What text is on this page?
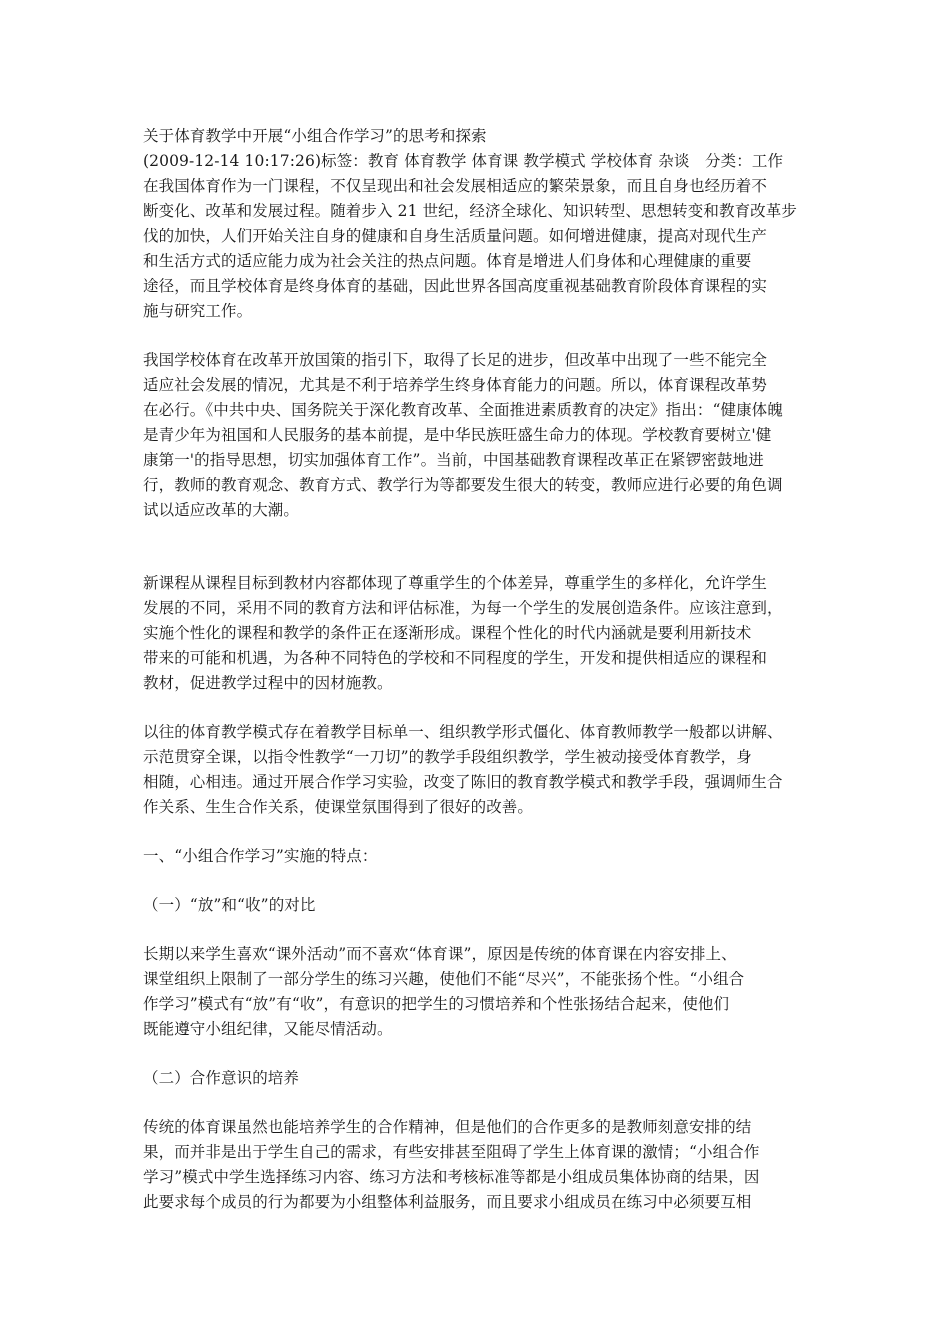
关于体育教学中开展“小组合作学习”的思考和探索
(2009-12-14 10:17:26)标签：教育 体育教学 体育课 教学模式 学校体育 杂谈　分类：工作
在我国体育作为一门课程，不仅呈现出和社会发展相适应的繁荣景象，而且自身也经历着不
断变化、改革和发展过程。随着步入 21 世纪，经济全球化、知识转型、思想转变和教育改革步
伐的加快，人们开始关注自身的健康和自身生活质量问题。如何增进健康，提高对现代生产
和生活方式的适应能力成为社会关注的热点问题。体育是增进人们身体和心理健康的重要
途径，而且学校体育是终身体育的基础，因此世界各国高度重视基础教育阶段体育课程的实
施与研究工作。
我国学校体育在改革开放国策的指引下，取得了长足的进步，但改革中出现了一些不能完全
适应社会发展的情况，尤其是不利于培养学生终身体育能力的问题。所以，体育课程改革势
在必行。《中共中央、国务院关于深化教育改革、全面推进素质教育的决定》指出：“健康体魄
是青少年为祖国和人民服务的基本前提，是中华民族旺盛生命力的体现。学校教育要树立'健
康第一'的指导思想，切实加强体育工作”。当前，中国基础教育课程改革正在紧锣密鼓地进
行，教师的教育观念、教育方式、教学行为等都要发生很大的转变，教师应进行必要的角色调
试以适应改革的大潮。
新课程从课程目标到教材内容都体现了尊重学生的个体差异，尊重学生的多样化，允许学生
发展的不同，采用不同的教育方法和评估标准，为每一个学生的发展创造条件。应该注意到，
实施个性化的课程和教学的条件正在逐渐形成。课程个性化的时代内涵就是要利用新技术
带来的可能和机遇，为各种不同特色的学校和不同程度的学生，开发和提供相适应的课程和
教材，促进教学过程中的因材施教。
以往的体育教学模式存在着教学目标单一、组织教学形式僵化、体育教师教学一般都以讲解、
示范贯穿全课，以指令性教学“一刀切”的教学手段组织教学，学生被动接受体育教学，身
相随，心相违。通过开展合作学习实验，改变了陈旧的教育教学模式和教学手段，强调师生合
作关系、生生合作关系，使课堂氛围得到了很好的改善。
一、“小组合作学习”实施的特点：
（一）“放”和“收”的对比
长期以来学生喜欢“课外活动”而不喜欢“体育课”，原因是传统的体育课在内容安排上、
课堂组织上限制了一部分学生的练习兴趣，使他们不能“尽兴”，不能张扬个性。“小组合
作学习”模式有“放”有“收”，有意识的把学生的习惯培养和个性张扬结合起来，使他们
既能遵守小组纪律，又能尽情活动。
（二）合作意识的培养
传统的体育课虽然也能培养学生的合作精神，但是他们的合作更多的是教师刻意安排的结
果，而并非是出于学生自己的需求，有些安排甚至阻碍了学生上体育课的激情；“小组合作
学习”模式中学生选择练习内容、练习方法和考核标准等都是小组成员集体协商的结果，因
此要求每个成员的行为都要为小组整体利益服务，而且要求小组成员在练习中必须要互相
